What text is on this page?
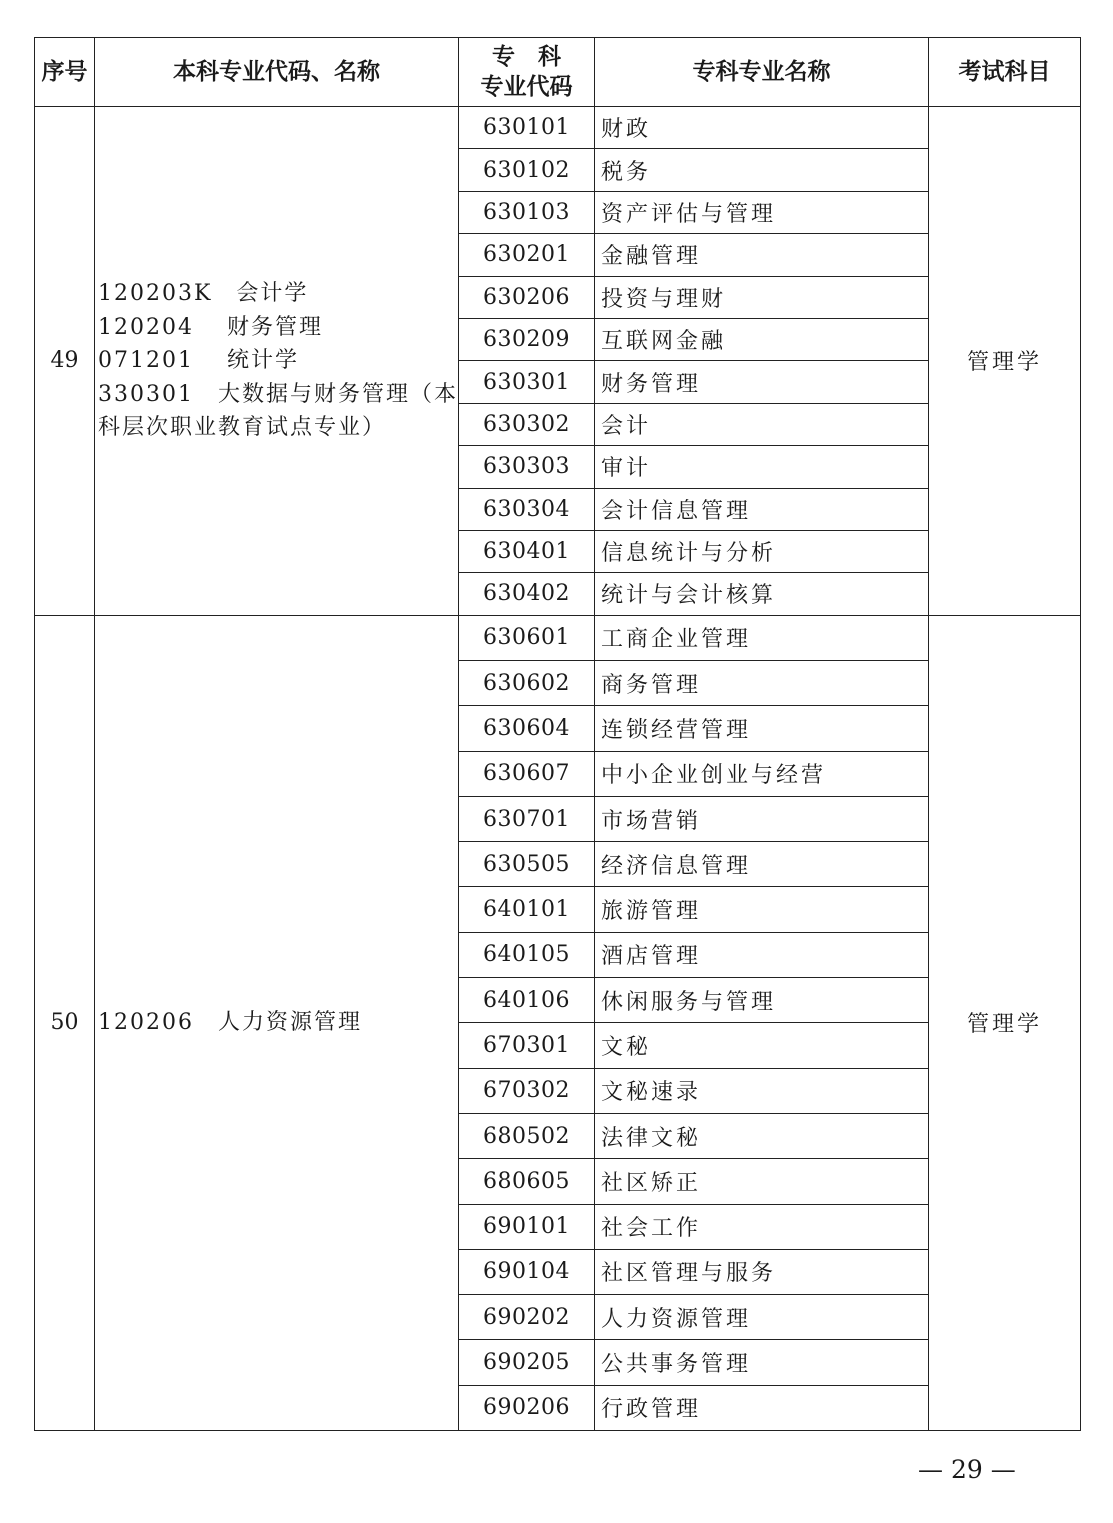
序号	本科专业代码、名称	专　科
专业代码	专科专业名称	考试科目
49	120203K　会计学
120204　 财务管理
071201　 统计学
330301　大数据与财务管理（本
科层次职业教育试点专业）	630101	财政	管理学
		630102	税务	
		630103	资产评估与管理	
		630201	金融管理	
		630206	投资与理财	
		630209	互联网金融	
		630301	财务管理	
		630302	会计	
		630303	审计	
		630304	会计信息管理	
		630401	信息统计与分析	
		630402	统计与会计核算	
50	120206　人力资源管理	630601	工商企业管理	管理学
		630602	商务管理	
		630604	连锁经营管理	
		630607	中小企业创业与经营	
		630701	市场营销	
		630505	经济信息管理	
		640101	旅游管理	
		640105	酒店管理	
		640106	休闲服务与管理	
		670301	文秘	
		670302	文秘速录	
		680502	法律文秘	
		680605	社区矫正	
		690101	社会工作	
		690104	社区管理与服务	
		690202	人力资源管理	
		690205	公共事务管理	
		690206	行政管理	
— 29 —
